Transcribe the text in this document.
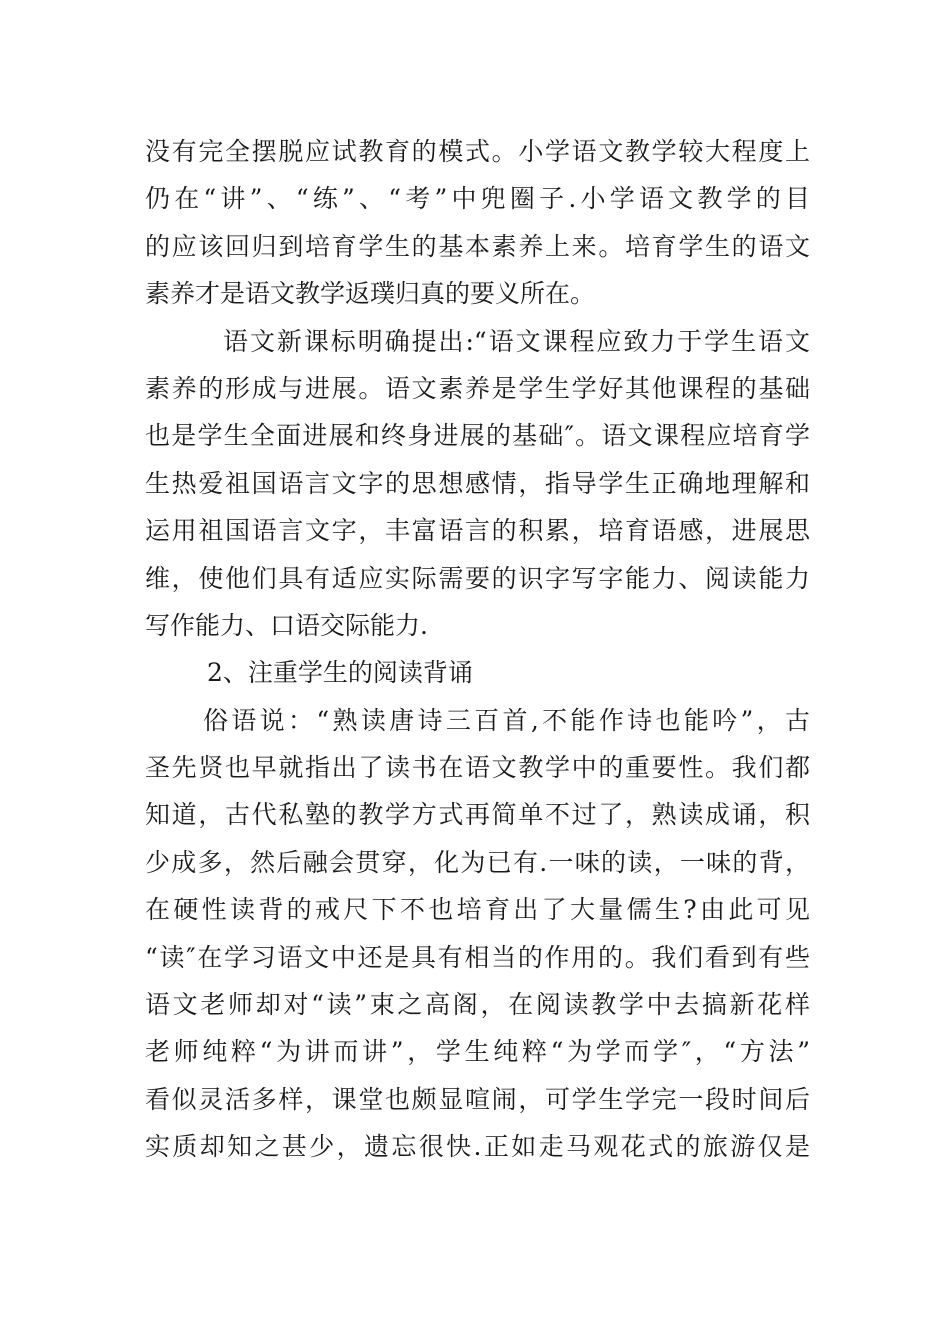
没有完全摆脱应试教育的模式。小学语文教学较大程度上
仍在“讲”、“练”、“考”中兜圈子.小学语文教学的目
的应该回归到培育学生的基本素养上来。培育学生的语文
素养才是语文教学返璞归真的要义所在。
语文新课标明确提出:“语文课程应致力于学生语文
素养的形成与进展。语文素养是学生学好其他课程的基础
也是学生全面进展和终身进展的基础″。语文课程应培育学
生热爱祖国语言文字的思想感情，指导学生正确地理解和
运用祖国语言文字，丰富语言的积累，培育语感，进展思
维，使他们具有适应实际需要的识字写字能力、阅读能力
写作能力、口语交际能力.
2、注重学生的阅读背诵
俗语说：“熟读唐诗三百首,不能作诗也能吟”，古
圣先贤也早就指出了读书在语文教学中的重要性。我们都
知道，古代私塾的教学方式再简单不过了，熟读成诵，积
少成多，然后融会贯穿，化为已有.一味的读，一味的背，
在硬性读背的戒尺下不也培育出了大量儒生?由此可见
“读″在学习语文中还是具有相当的作用的。我们看到有些
语文老师却对“读”束之高阁，在阅读教学中去搞新花样
老师纯粹“为讲而讲”，学生纯粹“为学而学″，“方法”
看似灵活多样，课堂也颇显喧闹，可学生学完一段时间后
实质却知之甚少，遗忘很快.正如走马观花式的旅游仅是
